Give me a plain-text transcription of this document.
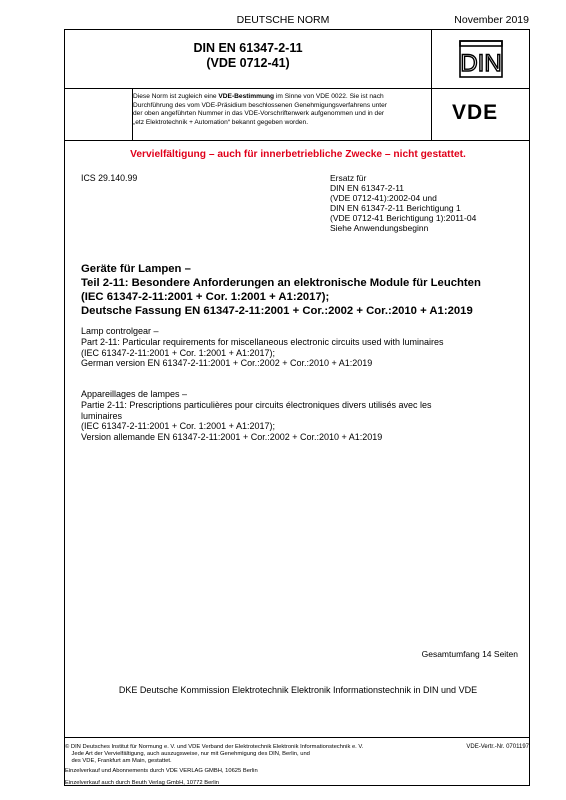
DEUTSCHE NORM	November 2019
DIN EN 61347-2-11
(VDE 0712-41)	DIN
Diese Norm ist zugleich eine VDE-Bestimmung im Sinne von VDE 0022. Sie ist nach
Durchführung des vom VDE-Präsidium beschlossenen Genehmigungsverfahrens unter
der oben angeführten Nummer in das VDE-Vorschriftenwerk aufgenommen und in der
„etz Elektrotechnik + Automation“ bekannt gegeben worden.	VDE
Vervielfältigung – auch für innerbetriebliche Zwecke – nicht gestattet.
ICS 29.140.99	Ersatz für
DIN EN 61347-2-11
(VDE 0712-41):2002-04 und
DIN EN 61347-2-11 Berichtigung 1
(VDE 0712-41 Berichtigung 1):2011-04
Siehe Anwendungsbeginn
Geräte für Lampen –
Teil 2-11: Besondere Anforderungen an elektronische Module für Leuchten
(IEC 61347-2-11:2001 + Cor. 1:2001 + A1:2017);
Deutsche Fassung EN 61347-2-11:2001 + Cor.:2002 + Cor.:2010 + A1:2019
Lamp controlgear –
Part 2-11: Particular requirements for miscellaneous electronic circuits used with luminaires
(IEC 61347-2-11:2001 + Cor. 1:2001 + A1:2017);
German version EN 61347-2-11:2001 + Cor.:2002 + Cor.:2010 + A1:2019
Appareillages de lampes –
Partie 2-11: Prescriptions particulières pour circuits électroniques divers utilisés avec les
luminaires
(IEC 61347-2-11:2001 + Cor. 1:2001 + A1:2017);
Version allemande EN 61347-2-11:2001 + Cor.:2002 + Cor.:2010 + A1:2019
Gesamtumfang 14 Seiten
DKE Deutsche Kommission Elektrotechnik Elektronik Informationstechnik in DIN und VDE
© DIN Deutsches Institut für Normung e. V. und VDE Verband der Elektrotechnik Elektronik Informationstechnik e. V.
Jede Art der Vervielfältigung, auch auszugsweise, nur mit Genehmigung des DIN, Berlin, und
des VDE, Frankfurt am Main, gestattet.
VDE-Vertr.-Nr. 0701197
Einzelverkauf und Abonnements durch VDE VERLAG GMBH, 10625 Berlin
Einzelverkauf auch durch Beuth Verlag GmbH, 10772 Berlin
